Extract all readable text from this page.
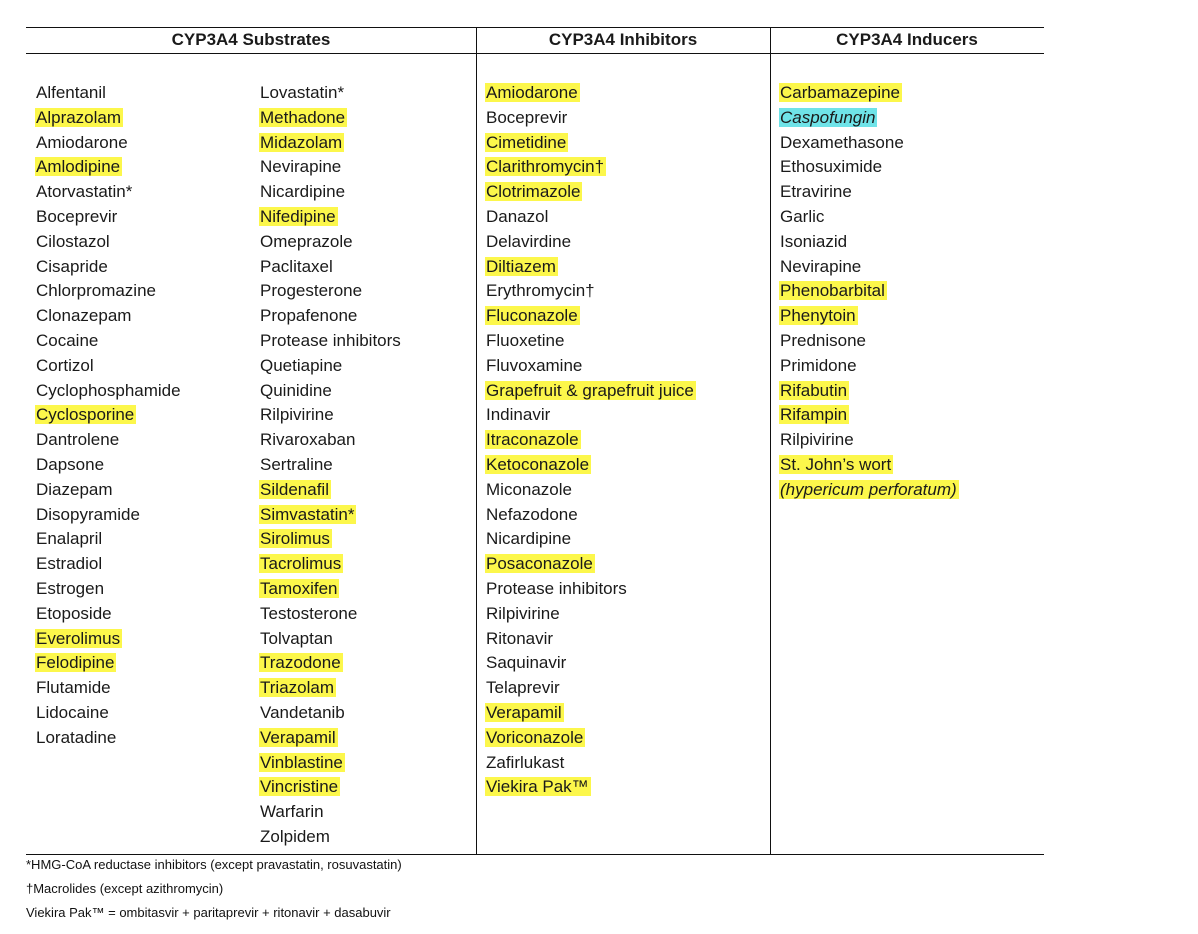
CYP3A4 Substrates	CYP3A4 Inhibitors	CYP3A4 Inducers
Alfentanil
Alprazolam
Amiodarone
Amlodipine
Atorvastatin*
Boceprevir
Cilostazol
Cisapride
Chlorpromazine
Clonazepam
Cocaine
Cortizol
Cyclophosphamide
Cyclosporine
Dantrolene
Dapsone
Diazepam
Disopyramide
Enalapril
Estradiol
Estrogen
Etoposide
Everolimus
Felodipine
Flutamide
Lidocaine
Loratadine
Lovastatin*
Methadone
Midazolam
Nevirapine
Nicardipine
Nifedipine
Omeprazole
Paclitaxel
Progesterone
Propafenone
Protease inhibitors
Quetiapine
Quinidine
Rilpivirine
Rivaroxaban
Sertraline
Sildenafil
Simvastatin*
Sirolimus
Tacrolimus
Tamoxifen
Testosterone
Tolvaptan
Trazodone
Triazolam
Vandetanib
Verapamil
Vinblastine
Vincristine
Warfarin
Zolpidem
Amiodarone
Boceprevir
Cimetidine
Clarithromycin†
Clotrimazole
Danazol
Delavirdine
Diltiazem
Erythromycin†
Fluconazole
Fluoxetine
Fluvoxamine
Grapefruit & grapefruit juice
Indinavir
Itraconazole
Ketoconazole
Miconazole
Nefazodone
Nicardipine
Posaconazole
Protease inhibitors
Rilpivirine
Ritonavir
Saquinavir
Telaprevir
Verapamil
Voriconazole
Zafirlukast
Viekira Pak™
Carbamazepine
Caspofungin
Dexamethasone
Ethosuximide
Etravirine
Garlic
Isoniazid
Nevirapine
Phenobarbital
Phenytoin
Prednisone
Primidone
Rifabutin
Rifampin
Rilpivirine
St. John’s wort
(hypericum perforatum)
*HMG-CoA reductase inhibitors (except pravastatin, rosuvastatin)
†Macrolides (except azithromycin)
Viekira Pak™ = ombitasvir + paritaprevir + ritonavir + dasabuvir
